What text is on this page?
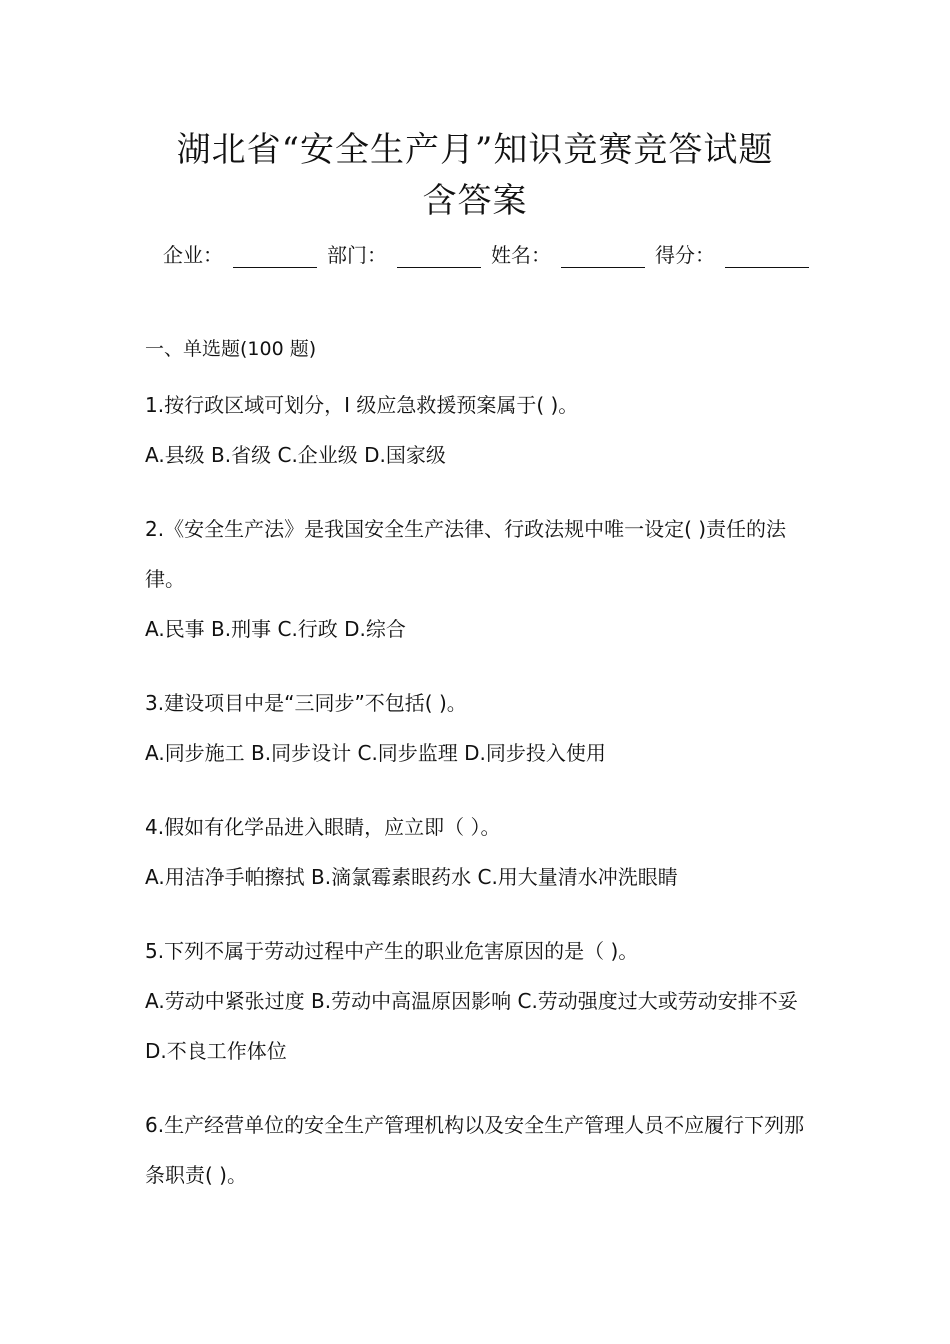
湖北省“安全生产月”知识竞赛竞答试题
含答案
企业：	部门：	姓名：	得分：
一、单选题(100 题)

1.按行政区域可划分，I 级应急救援预案属于( )。

A.县级 B.省级 C.企业级 D.国家级

2.《安全生产法》是我国安全生产法律、行政法规中唯一设定( )责任的法律。

A.民事 B.刑事 C.行政 D.综合

3.建设项目中是“三同步”不包括( )。

A.同步施工 B.同步设计 C.同步监理 D.同步投入使用

4.假如有化学品进入眼睛，应立即（ ）。

A.用洁净手帕擦拭 B.滴氯霉素眼药水 C.用大量清水冲洗眼睛

5.下列不属于劳动过程中产生的职业危害原因的是（ )。

A.劳动中紧张过度 B.劳动中高温原因影响 C.劳动强度过大或劳动安排不妥 D.不良工作体位

6.生产经营单位的安全生产管理机构以及安全生产管理人员不应履行下列那条职责( )。
